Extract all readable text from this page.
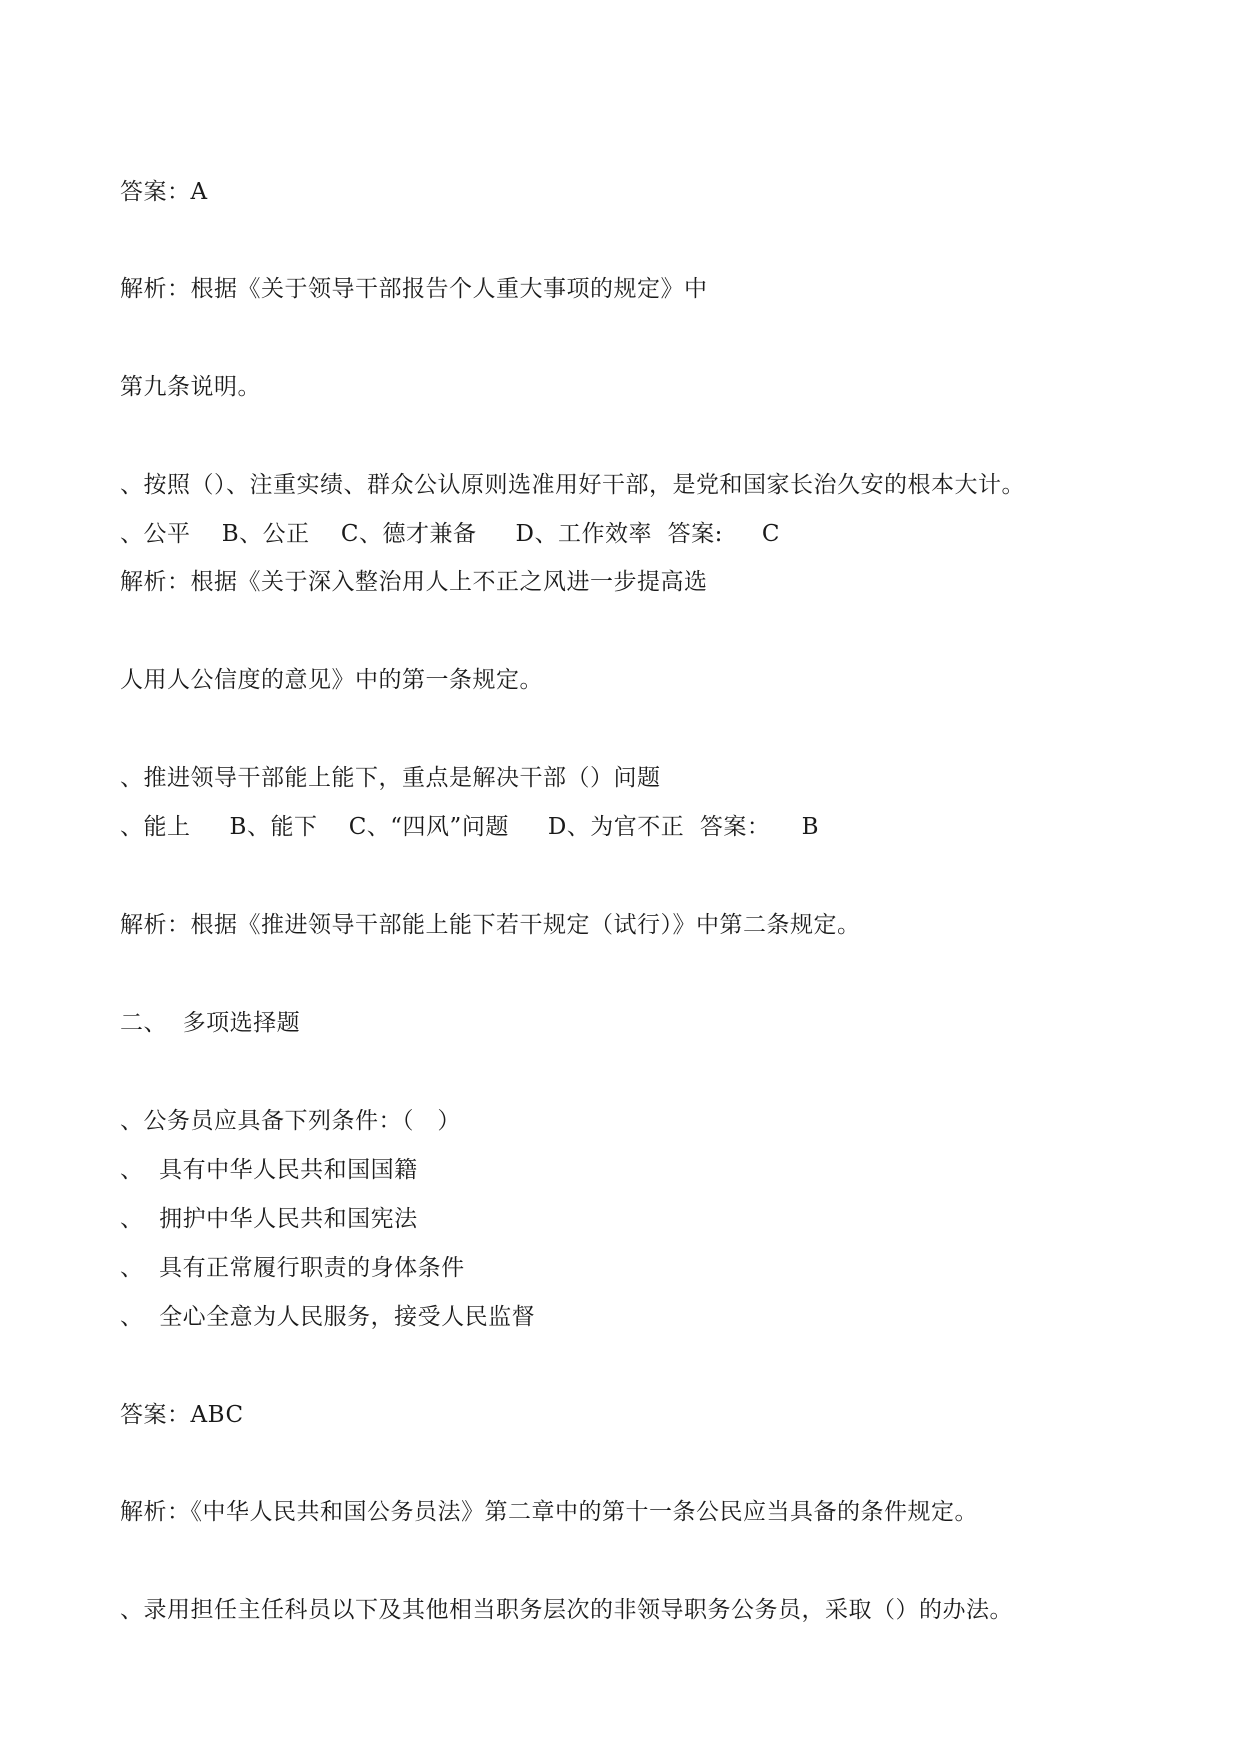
答案：A

解析：根据《关于领导干部报告个人重大事项的规定》中

第九条说明。

、按照（）、注重实绩、群众公认原则选准用好干部，是党和国家长治久安的根本大计。

、公平    B、公正    C、德才兼备     D、工作效率  答案:     C

解析：根据《关于深入整治用人上不正之风进一步提高选

人用人公信度的意见》中的第一条规定。

、推进领导干部能上能下，重点是解决干部（）问题

、能上     B、能下    C、“四风”问题     D、为官不正  答案：    B

解析：根据《推进领导干部能上能下若干规定（试行）》中第二条规定。

二、  多项选择题

、公务员应具备下列条件：（   ）

、  具有中华人民共和国国籍

、  拥护中华人民共和国宪法

、  具有正常履行职责的身体条件

、  全心全意为人民服务，接受人民监督

答案：ABC

解析：《中华人民共和国公务员法》第二章中的第十一条公民应当具备的条件规定。

、录用担任主任科员以下及其他相当职务层次的非领导职务公务员，采取（）的办法。
